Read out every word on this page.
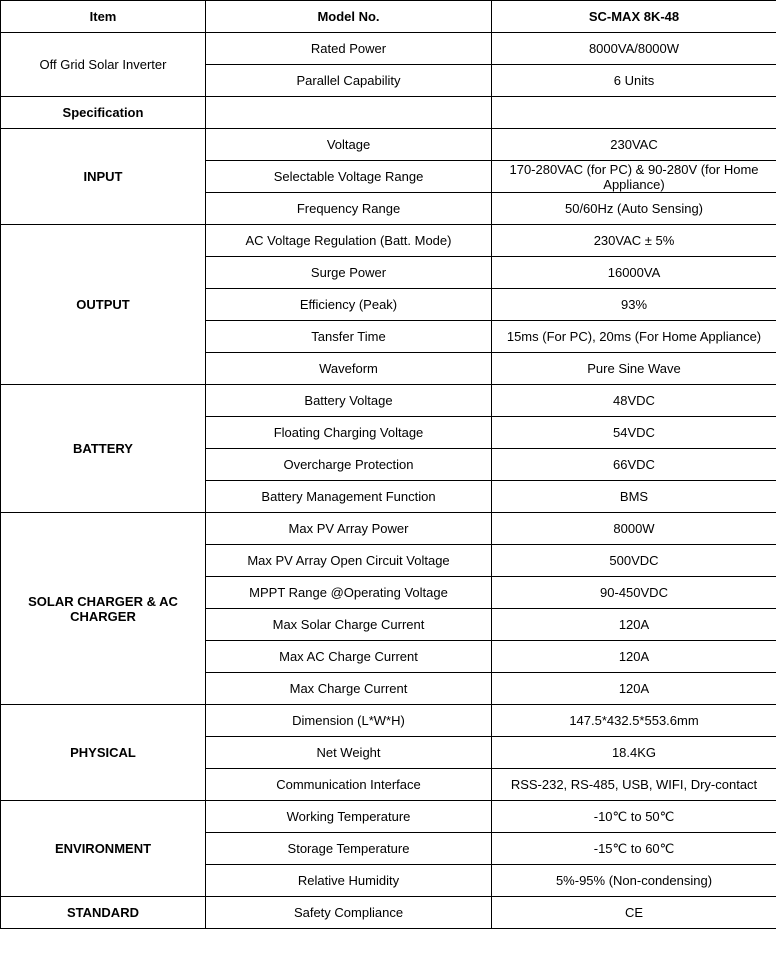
Item	Model No.	SC-MAX 8K-48
Off Grid Solar Inverter	Rated Power	8000VA/8000W
	Parallel Capability	6 Units
Specification		
INPUT	Voltage	230VAC
	Selectable Voltage Range	170-280VAC (for PC) & 90-280V (for Home Appliance)
	Frequency Range	50/60Hz (Auto Sensing)
OUTPUT	AC Voltage Regulation (Batt. Mode)	230VAC ± 5%
	Surge Power	16000VA
	Efficiency (Peak)	93%
	Tansfer Time	15ms (For PC), 20ms (For Home Appliance)
	Waveform	Pure Sine Wave
BATTERY	Battery Voltage	48VDC
	Floating Charging Voltage	54VDC
	Overcharge Protection	66VDC
	Battery Management Function	BMS
SOLAR CHARGER & AC CHARGER	Max PV Array Power	8000W
	Max PV Array Open Circuit Voltage	500VDC
	MPPT Range @Operating Voltage	90-450VDC
	Max Solar Charge Current	120A
	Max AC Charge Current	120A
	Max Charge Current	120A
PHYSICAL	Dimension (L*W*H)	147.5*432.5*553.6mm
	Net Weight	18.4KG
	Communication Interface	RSS-232, RS-485, USB, WIFI, Dry-contact
ENVIRONMENT	Working Temperature	-10℃ to 50℃
	Storage Temperature	-15℃ to 60℃
	Relative Humidity	5%-95% (Non-condensing)
STANDARD	Safety Compliance	CE
